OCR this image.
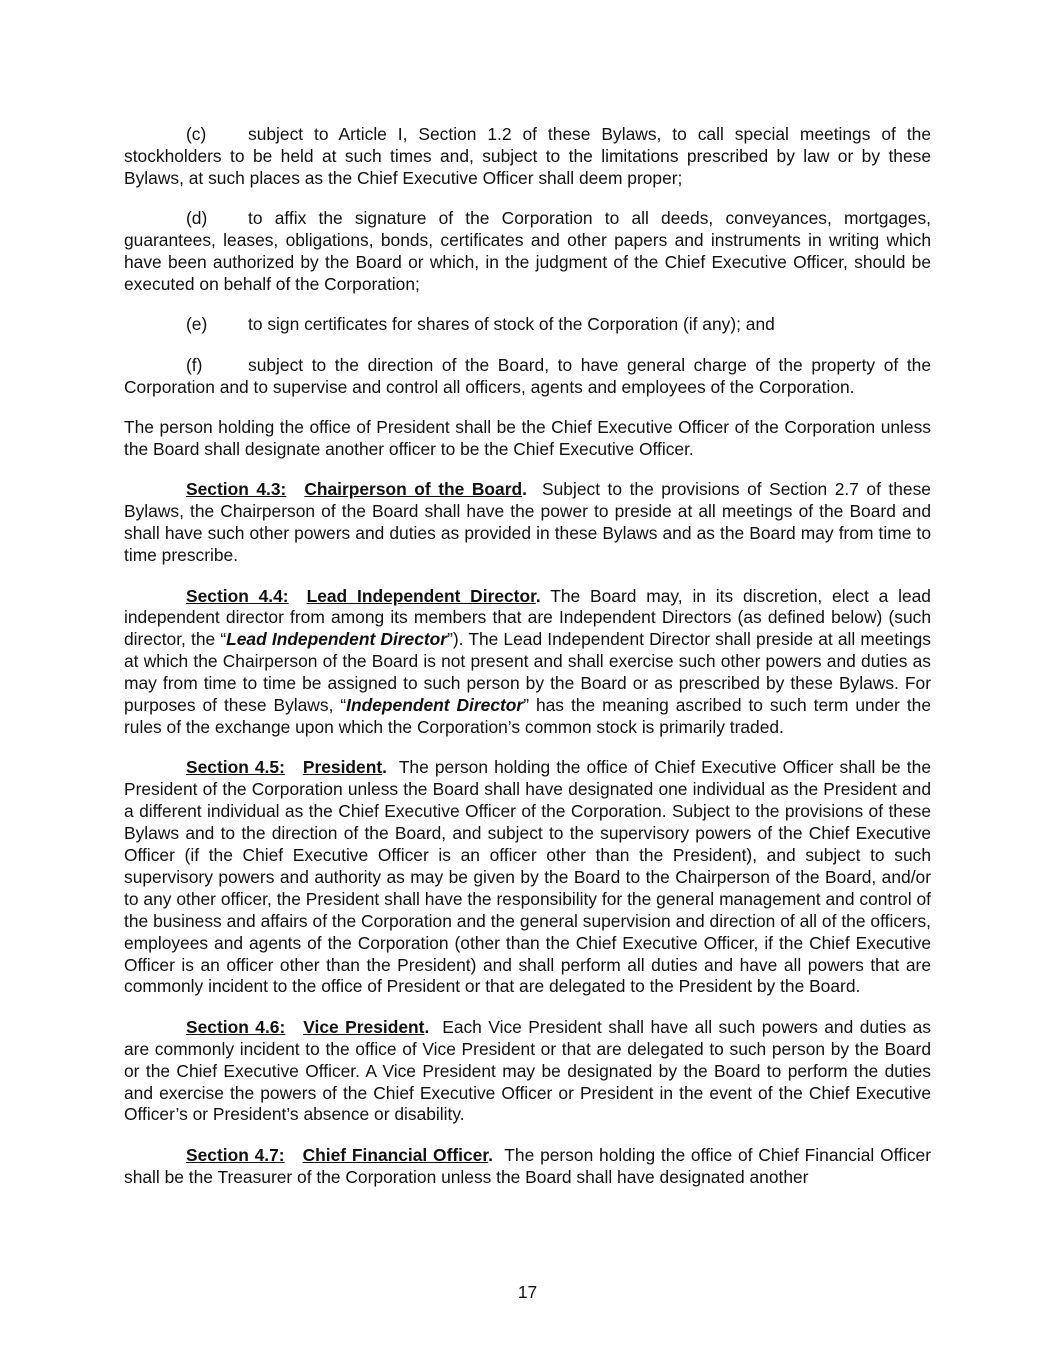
(c) subject to Article I, Section 1.2 of these Bylaws, to call special meetings of the stockholders to be held at such times and, subject to the limitations prescribed by law or by these Bylaws, at such places as the Chief Executive Officer shall deem proper;

(d) to affix the signature of the Corporation to all deeds, conveyances, mortgages, guarantees, leases, obligations, bonds, certificates and other papers and instruments in writing which have been authorized by the Board or which, in the judgment of the Chief Executive Officer, should be executed on behalf of the Corporation;

(e) to sign certificates for shares of stock of the Corporation (if any); and

(f)	subject to the direction of the Board, to have general charge of the property of the Corporation and to supervise and control all officers, agents and employees of the Corporation.

The person holding the office of President shall be the Chief Executive Officer of the Corporation unless the Board shall designate another officer to be the Chief Executive Officer.

Section 4.3: Chairperson of the Board. Subject to the provisions of Section 2.7 of these Bylaws, the Chairperson of the Board shall have the power to preside at all meetings of the Board and shall have such other powers and duties as provided in these Bylaws and as the Board may from time to time prescribe.

Section 4.4: Lead Independent Director. The Board may, in its discretion, elect a lead independent director from among its members that are Independent Directors (as defined below) (such director, the “Lead Independent Director”). The Lead Independent Director shall preside at all meetings at which the Chairperson of the Board is not present and shall exercise such other powers and duties as may from time to time be assigned to such person by the Board or as prescribed by these Bylaws. For purposes of these Bylaws, “Independent Director” has the meaning ascribed to such term under the rules of the exchange upon which the Corporation’s common stock is primarily traded.

Section 4.5: President. The person holding the office of Chief Executive Officer shall be the President of the Corporation unless the Board shall have designated one individual as the President and a different individual as the Chief Executive Officer of the Corporation. Subject to the provisions of these Bylaws and to the direction of the Board, and subject to the supervisory powers of the Chief Executive Officer (if the Chief Executive Officer is an officer other than the President), and subject to such supervisory powers and authority as may be given by the Board to the Chairperson of the Board, and/or to any other officer, the President shall have the responsibility for the general management and control of the business and affairs of the Corporation and the general supervision and direction of all of the officers, employees and agents of the Corporation (other than the Chief Executive Officer, if the Chief Executive Officer is an officer other than the President) and shall perform all duties and have all powers that are commonly incident to the office of President or that are delegated to the President by the Board.

Section 4.6: Vice President. Each Vice President shall have all such powers and duties as are commonly incident to the office of Vice President or that are delegated to such person by the Board or the Chief Executive Officer. A Vice President may be designated by the Board to perform the duties and exercise the powers of the Chief Executive Officer or President in the event of the Chief Executive Officer’s or President’s absence or disability.

Section 4.7: Chief Financial Officer. The person holding the office of Chief Financial Officer shall be the Treasurer of the Corporation unless the Board shall have designated another

17
